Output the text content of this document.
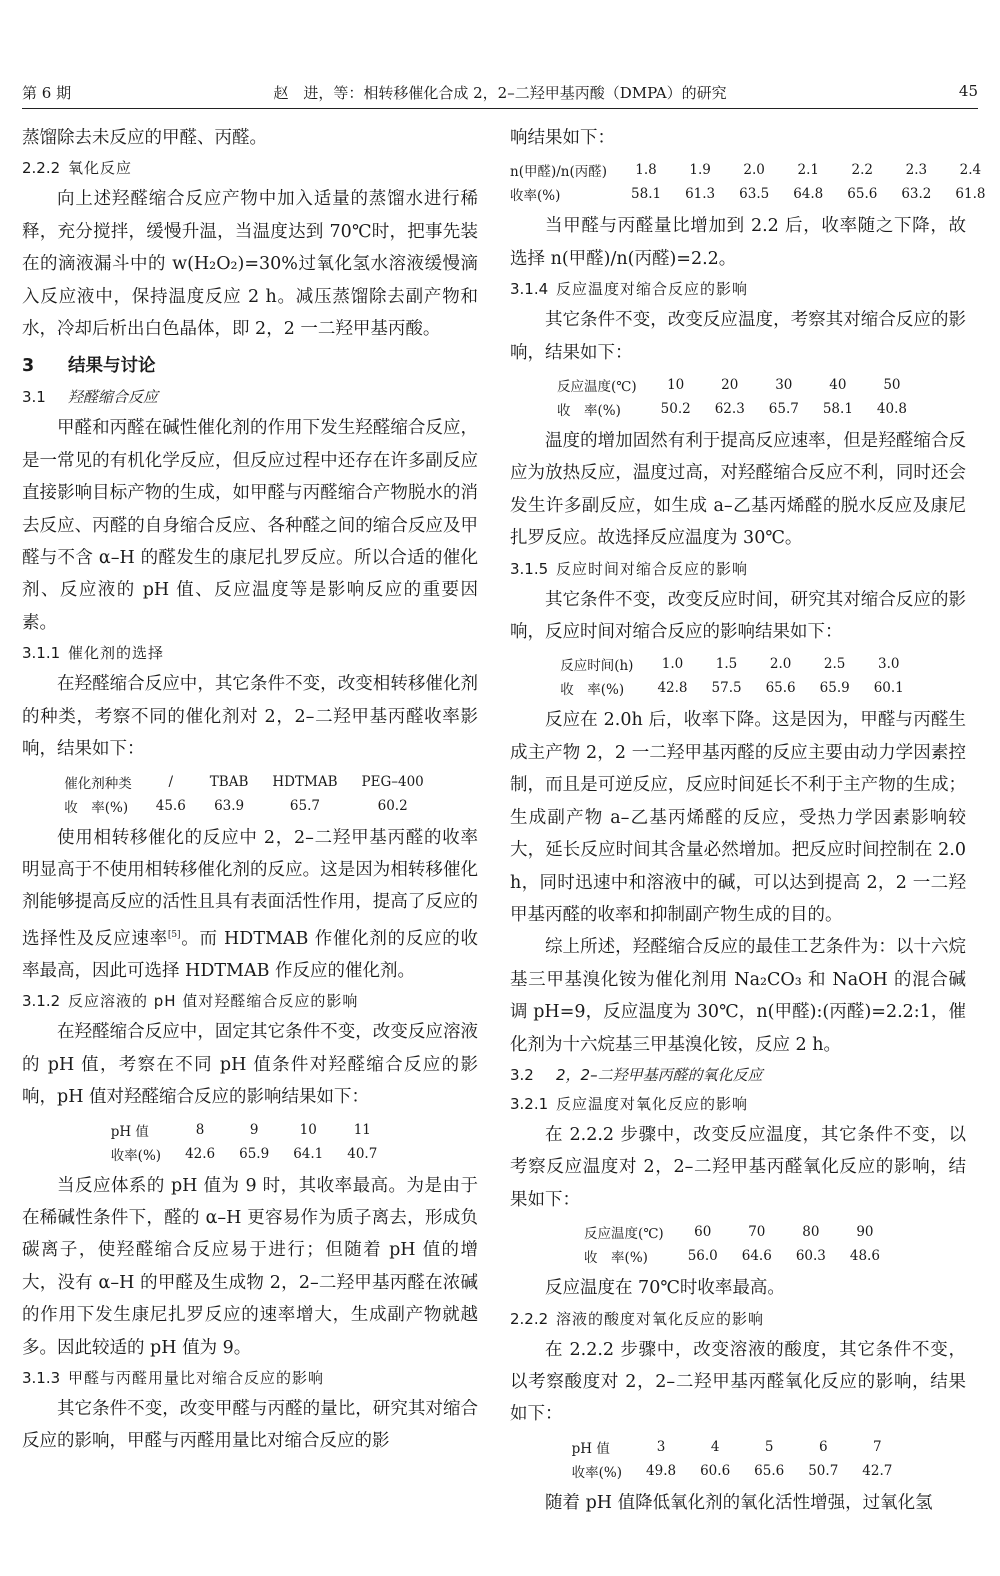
第 6 期	赵　进，等：相转移催化合成 2，2–二羟甲基丙酸（DMPA）的研究	45

蒸馏除去未反应的甲醛、丙醛。

2.2.2 氧化反应

向上述羟醛缩合反应产物中加入适量的蒸馏水进行稀释，充分搅拌，缓慢升温，当温度达到 70℃时，把事先装在的滴液漏斗中的 w(H₂O₂)=30%过氧化氢水溶液缓慢滴入反应液中，保持温度反应 2 h。减压蒸馏除去副产物和水，冷却后析出白色晶体，即 2，2 一二羟甲基丙酸。

3 结果与讨论
3.1 羟醛缩合反应

甲醛和丙醛在碱性催化剂的作用下发生羟醛缩合反应，是一常见的有机化学反应，但反应过程中还存在许多副反应直接影响目标产物的生成，如甲醛与丙醛缩合产物脱水的消去反应、丙醛的自身缩合反应、各种醛之间的缩合反应及甲醛与不含 α–H 的醛发生的康尼扎罗反应。所以合适的催化剂、反应液的 pH 值、反应温度等是影响反应的重要因素。

3.1.1 催化剂的选择

在羟醛缩合反应中，其它条件不变，改变相转移催化剂的种类，考察不同的催化剂对 2，2–二羟甲基丙醛收率影响，结果如下：

催化剂种类	/	TBAB	HDTMAB	PEG–400
收　率(%)	45.6	63.9	65.7	60.2

使用相转移催化的反应中 2，2–二羟甲基丙醛的收率明显高于不使用相转移催化剂的反应。这是因为相转移催化剂能够提高反应的活性且具有表面活性作用，提高了反应的选择性及反应速率[5]。而 HDTMAB 作催化剂的反应的收率最高，因此可选择 HDTMAB 作反应的催化剂。

3.1.2 反应溶液的 pH 值对羟醛缩合反应的影响

在羟醛缩合反应中，固定其它条件不变，改变反应溶液的 pH 值，考察在不同 pH 值条件对羟醛缩合反应的影响，pH 值对羟醛缩合反应的影响结果如下：

pH 值	8	9	10	11
收率(%)	42.6	65.9	64.1	40.7

当反应体系的 pH 值为 9 时，其收率最高。为是由于在稀碱性条件下，醛的 α–H 更容易作为质子离去，形成负碳离子，使羟醛缩合反应易于进行；但随着 pH 值的增大，没有 α–H 的甲醛及生成物 2，2–二羟甲基丙醛在浓碱的作用下发生康尼扎罗反应的速率增大，生成副产物就越多。因此较适的 pH 值为 9。

3.1.3 甲醛与丙醛用量比对缩合反应的影响

其它条件不变，改变甲醛与丙醛的量比，研究其对缩合反应的影响，甲醛与丙醛用量比对缩合反应的影

响结果如下：

n(甲醛)/n(丙醛)	1.8	1.9	2.0	2.1	2.2	2.3	2.4
收率(%)	58.1	61.3	63.5	64.8	65.6	63.2	61.8

当甲醛与丙醛量比增加到 2.2 后，收率随之下降，故选择 n(甲醛)/n(丙醛)=2.2。

3.1.4 反应温度对缩合反应的影响

其它条件不变，改变反应温度，考察其对缩合反应的影响，结果如下：

反应温度(℃)	10	20	30	40	50
收　率(%)	50.2	62.3	65.7	58.1	40.8

温度的增加固然有利于提高反应速率，但是羟醛缩合反应为放热反应，温度过高，对羟醛缩合反应不利，同时还会发生许多副反应，如生成 a–乙基丙烯醛的脱水反应及康尼扎罗反应。故选择反应温度为 30℃。

3.1.5 反应时间对缩合反应的影响

其它条件不变，改变反应时间，研究其对缩合反应的影响，反应时间对缩合反应的影响结果如下：

反应时间(h)	1.0	1.5	2.0	2.5	3.0
收　率(%)	42.8	57.5	65.6	65.9	60.1

反应在 2.0h 后，收率下降。这是因为，甲醛与丙醛生成主产物 2，2 一二羟甲基丙醛的反应主要由动力学因素控制，而且是可逆反应，反应时间延长不利于主产物的生成；生成副产物 a–乙基丙烯醛的反应，受热力学因素影响较大，延长反应时间其含量必然增加。把反应时间控制在 2.0 h，同时迅速中和溶液中的碱，可以达到提高 2，2 一二羟甲基丙醛的收率和抑制副产物生成的目的。

综上所述，羟醛缩合反应的最佳工艺条件为：以十六烷基三甲基溴化铵为催化剂用 Na₂CO₃ 和 NaOH 的混合碱调 pH=9，反应温度为 30℃，n(甲醛):(丙醛)=2.2:1，催化剂为十六烷基三甲基溴化铵，反应 2 h。

3.2 2，2–二羟甲基丙醛的氧化反应
3.2.1 反应温度对氧化反应的影响

在 2.2.2 步骤中，改变反应温度，其它条件不变，以考察反应温度对 2，2–二羟甲基丙醛氧化反应的影响，结果如下：

反应温度(℃)	60	70	80	90
收　率(%)	56.0	64.6	60.3	48.6

反应温度在 70℃时收率最高。

2.2.2 溶液的酸度对氧化反应的影响

在 2.2.2 步骤中，改变溶液的酸度，其它条件不变，以考察酸度对 2，2–二羟甲基丙醛氧化反应的影响，结果如下：

pH 值	3	4	5	6	7
收率(%)	49.8	60.6	65.6	50.7	42.7

随着 pH 值降低氧化剂的氧化活性增强，过氧化氢
